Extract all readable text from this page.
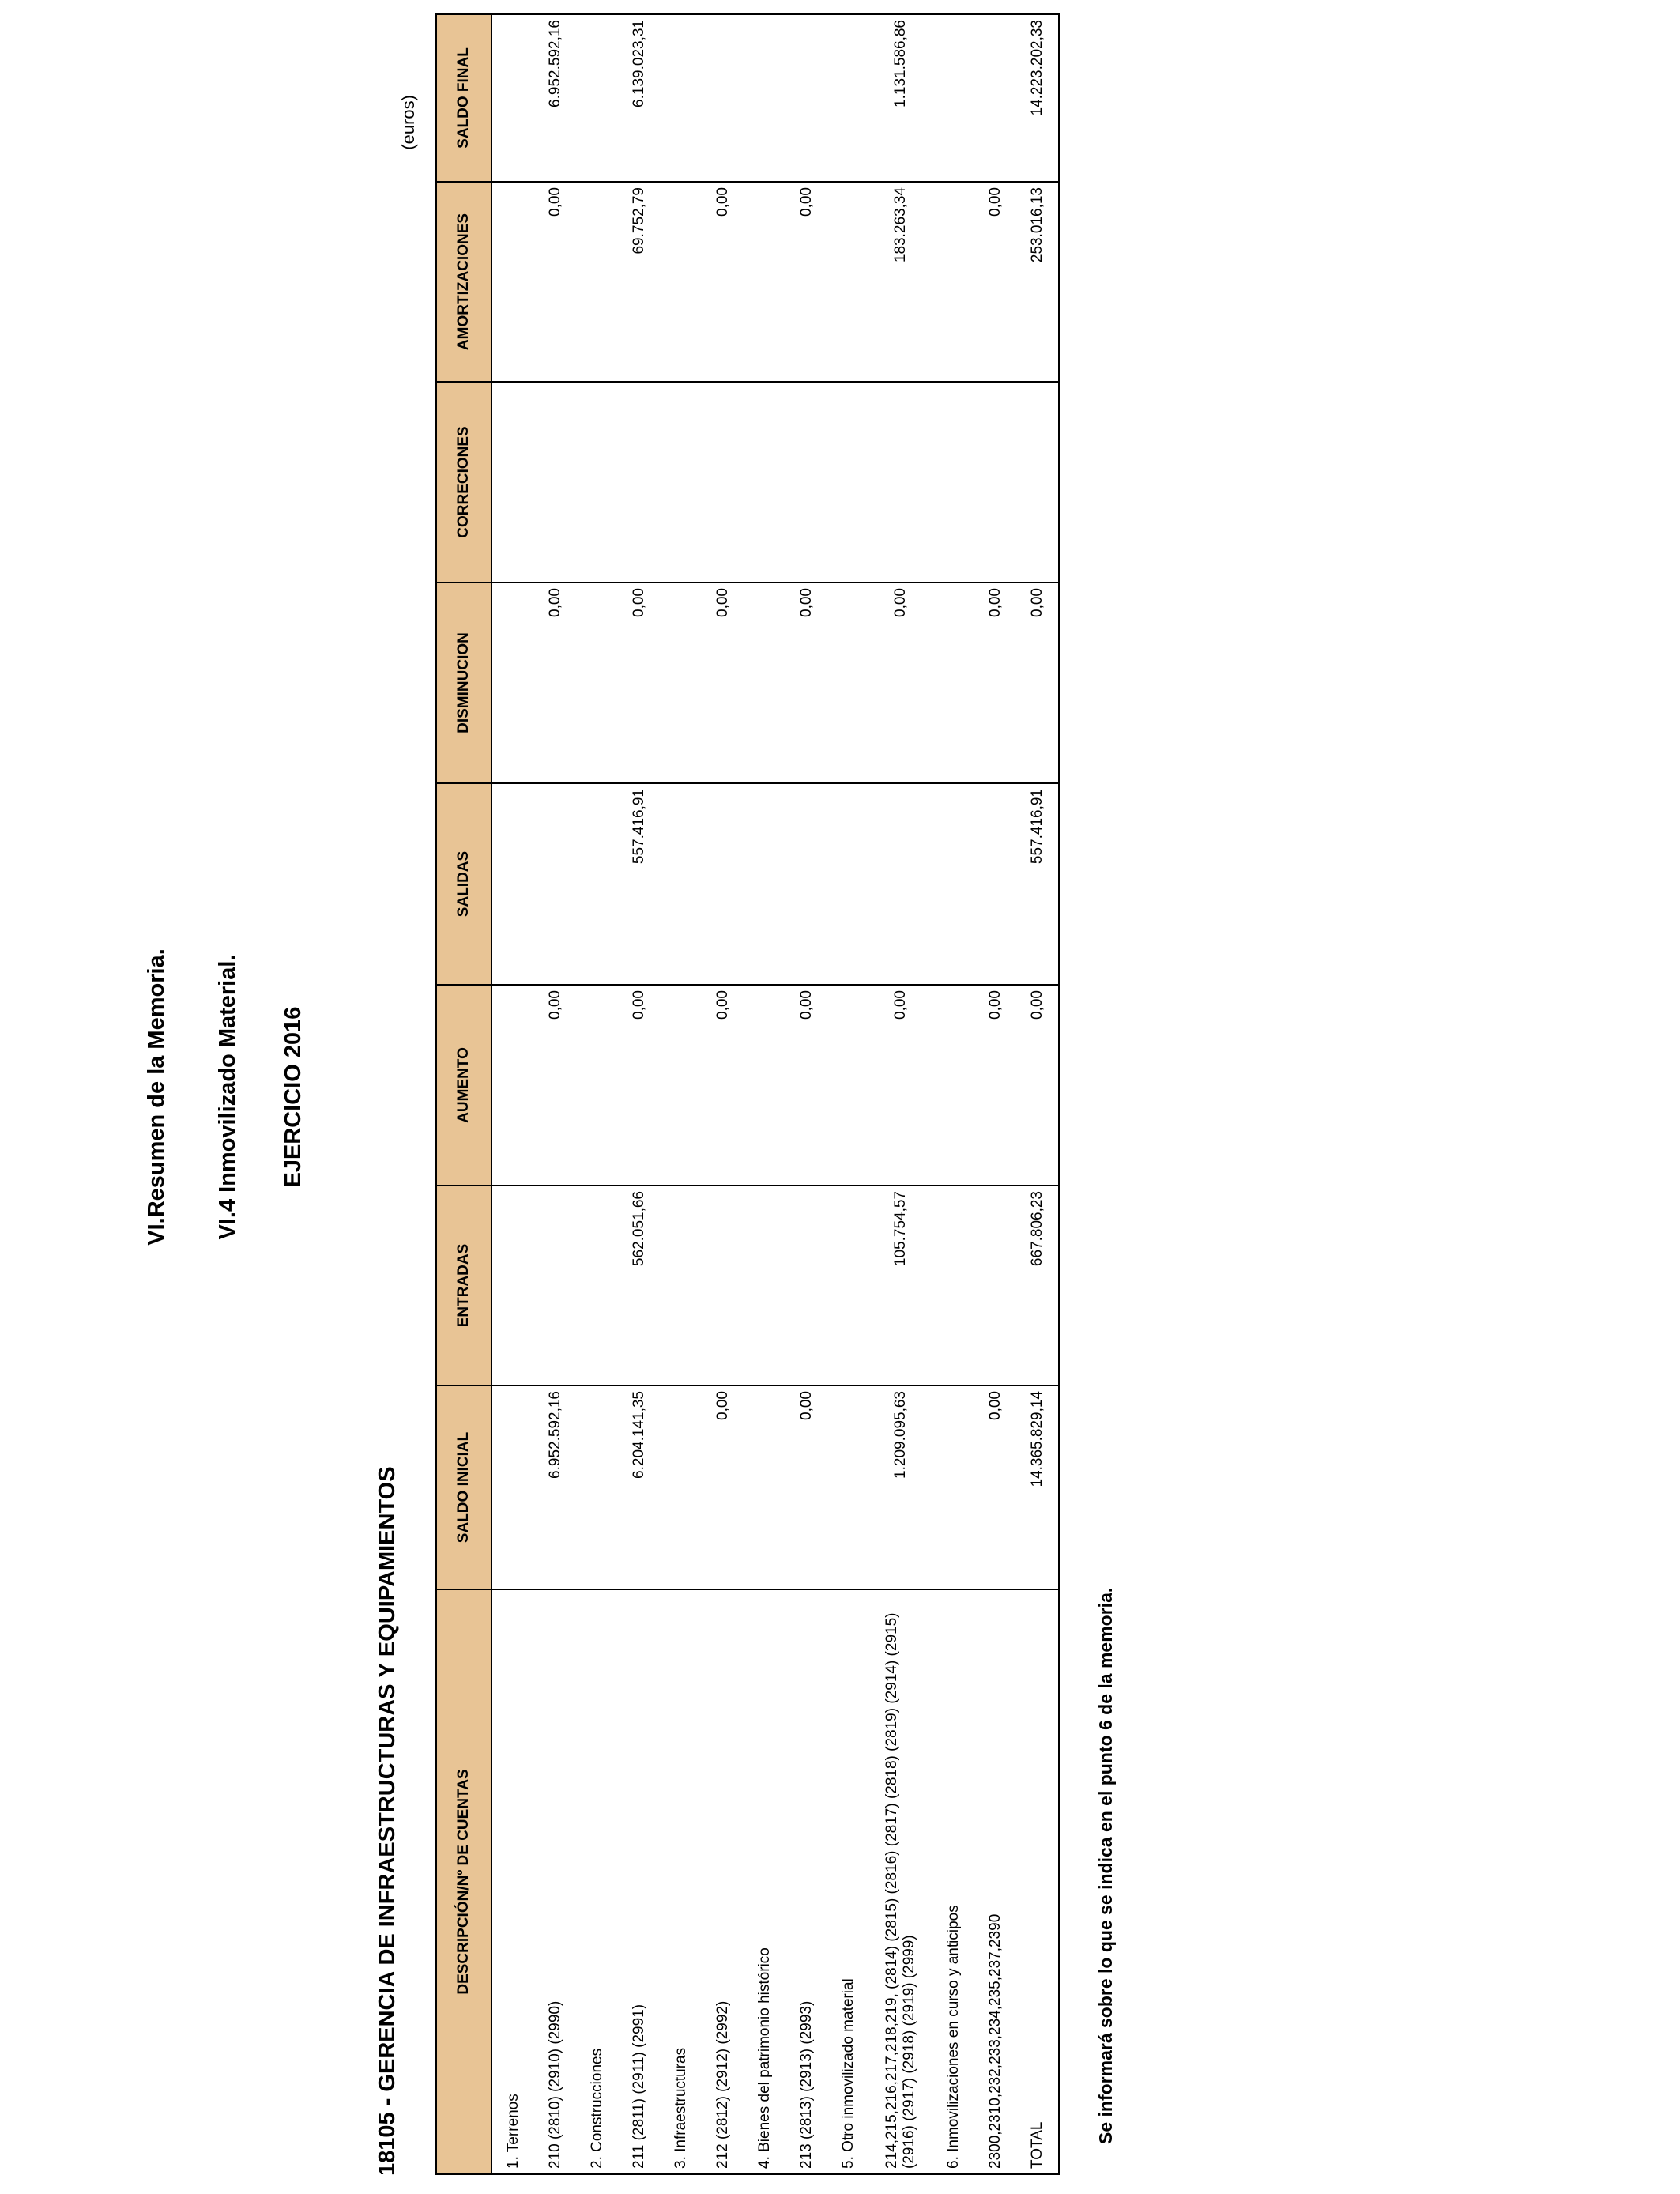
VI.Resumen de la Memoria. VI.4 Inmovilizado Material. EJERCICIO 2016
18105 - GERENCIA DE INFRAESTRUCTURAS Y EQUIPAMIENTOS
(euros)
DESCRIPCIÓN/Nº DE CUENTAS	SALDO INICIAL	ENTRADAS	AUMENTO	SALIDAS	DISMINUCION	CORRECIONES	AMORTIZACIONES	SALDO FINAL
1. Terrenos								
210 (2810) (2910) (2990)	6.952.592,16		0,00		0,00		0,00	6.952.592,16
2. Construcciones								
211 (2811) (2911) (2991)	6.204.141,35	562.051,66	0,00	557.416,91	0,00		69.752,79	6.139.023,31
3. Infraestructuras								
212 (2812) (2912) (2992)	0,00		0,00		0,00		0,00	
4. Bienes del patrimonio histórico								
213 (2813) (2913) (2993)	0,00		0,00		0,00		0,00	
5. Otro inmovilizado material								
214,215,216,217,218,219, (2814) (2815) (2816) (2817) (2818) (2819) (2914) (2915) (2916) (2917) (2918) (2919) (2999)	1.209.095,63	105.754,57	0,00		0,00		183.263,34	1.131.586,86
6. Inmovilizaciones en curso y anticipos								
2300,2310,232,233,234,235,237,2390	0,00		0,00		0,00		0,00	
TOTAL	14.365.829,14	667.806,23	0,00	557.416,91	0,00		253.016,13	14.223.202,33
Se informará sobre lo que se indica en el punto 6 de la memoria.
